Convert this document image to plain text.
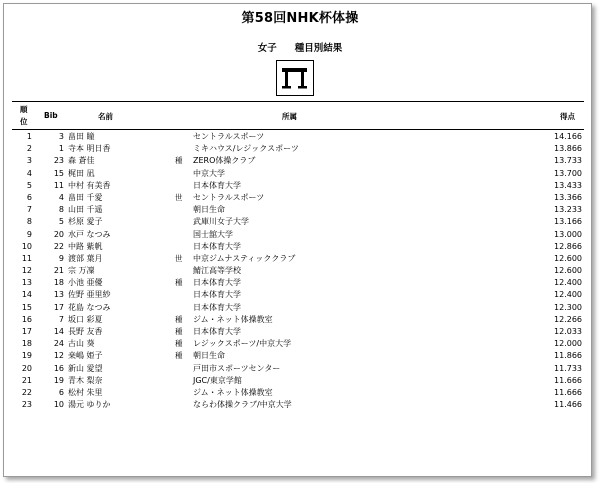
第58回NHK杯体操
女子 種目別結果
順
位
Bib	名前	所属	得点
1	3 畠田 瞳	セントラルスポーツ	14.166
2	1 寺本 明日香	ミキハウス/レジックスポーツ	13.866
3	23 森 蒼佳	種 ZERO体操クラブ	13.733
4	15 梶田 凪	中京大学	13.700
5	11 中村 有美香	日本体育大学	13.433
6	4 畠田 千愛	世 セントラルスポーツ	13.366
7	8 山田 千遥	朝日生命	13.233
8	5 杉原 愛子	武庫川女子大学	13.166
9	20 水戸 なつみ	国士舘大学	13.000
10	22 中路 紫帆	日本体育大学	12.866
11	9 渡部 葉月	世 中京ジムナスティッククラブ	12.600
12	21 宗 万凜	鯖江高等学校	12.600
13	18 小池 亜優	種 日本体育大学	12.400
14	13 佐野 亜里紗	日本体育大学	12.400
15	17 花島 なつみ	日本体育大学	12.300
16	7 坂口 彩夏	種 ジム・ネット体操教室	12.266
17	14 長野 友香	種 日本体育大学	12.033
18	24 古山 葵	種 レジックスポーツ/中京大学	12.000
19	12 桒嶋 姫子	種 朝日生命	11.866
20	16 新山 愛望	戸田市スポーツセンター	11.733
21	19 青木 梨奈	JGC/東京学館	11.666
22	6 松村 朱里	ジム・ネット体操教室	11.666
23	10 湯元 ゆりか	ならわ体操クラブ/中京大学	11.466
